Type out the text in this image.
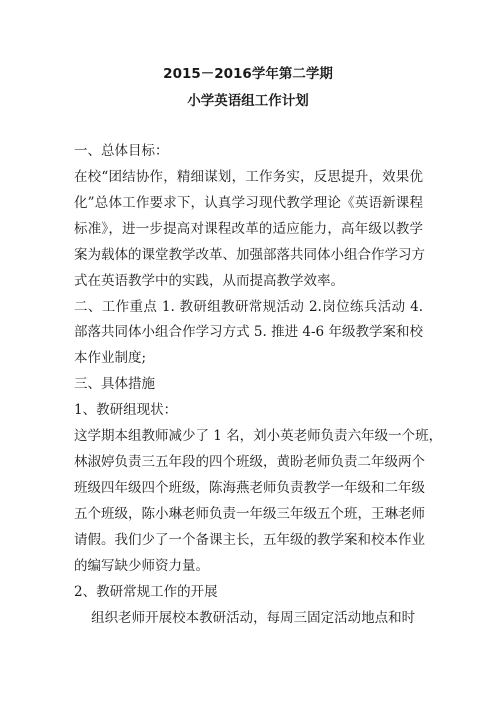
2015－2016学年第二学期
小学英语组工作计划
一、总体目标：
在校“团结协作，精细谋划，工作务实，反思提升，效果优
化”总体工作要求下，认真学习现代教学理论《英语新课程
标准》，进一步提高对课程改革的适应能力，高年级以教学
案为载体的课堂教学改革、加强部落共同体小组合作学习方
式在英语教学中的实践，从而提高教学效率。
二、工作重点 1. 教研组教研常规活动 2.岗位练兵活动 4.
部落共同体小组合作学习方式 5. 推进 4-6 年级教学案和校
本作业制度;
三、具体措施
1、教研组现状：
这学期本组教师减少了 1 名，刘小英老师负责六年级一个班，
林淑婷负责三五年段的四个班级，黄盼老师负责二年级两个
班级四年级四个班级，陈海燕老师负责教学一年级和二年级
五个班级，陈小琳老师负责一年级三年级五个班，王琳老师
请假。我们少了一个备课主长，五年级的教学案和校本作业
的编写缺少师资力量。
2、教研常规工作的开展
组织老师开展校本教研活动，每周三固定活动地点和时
